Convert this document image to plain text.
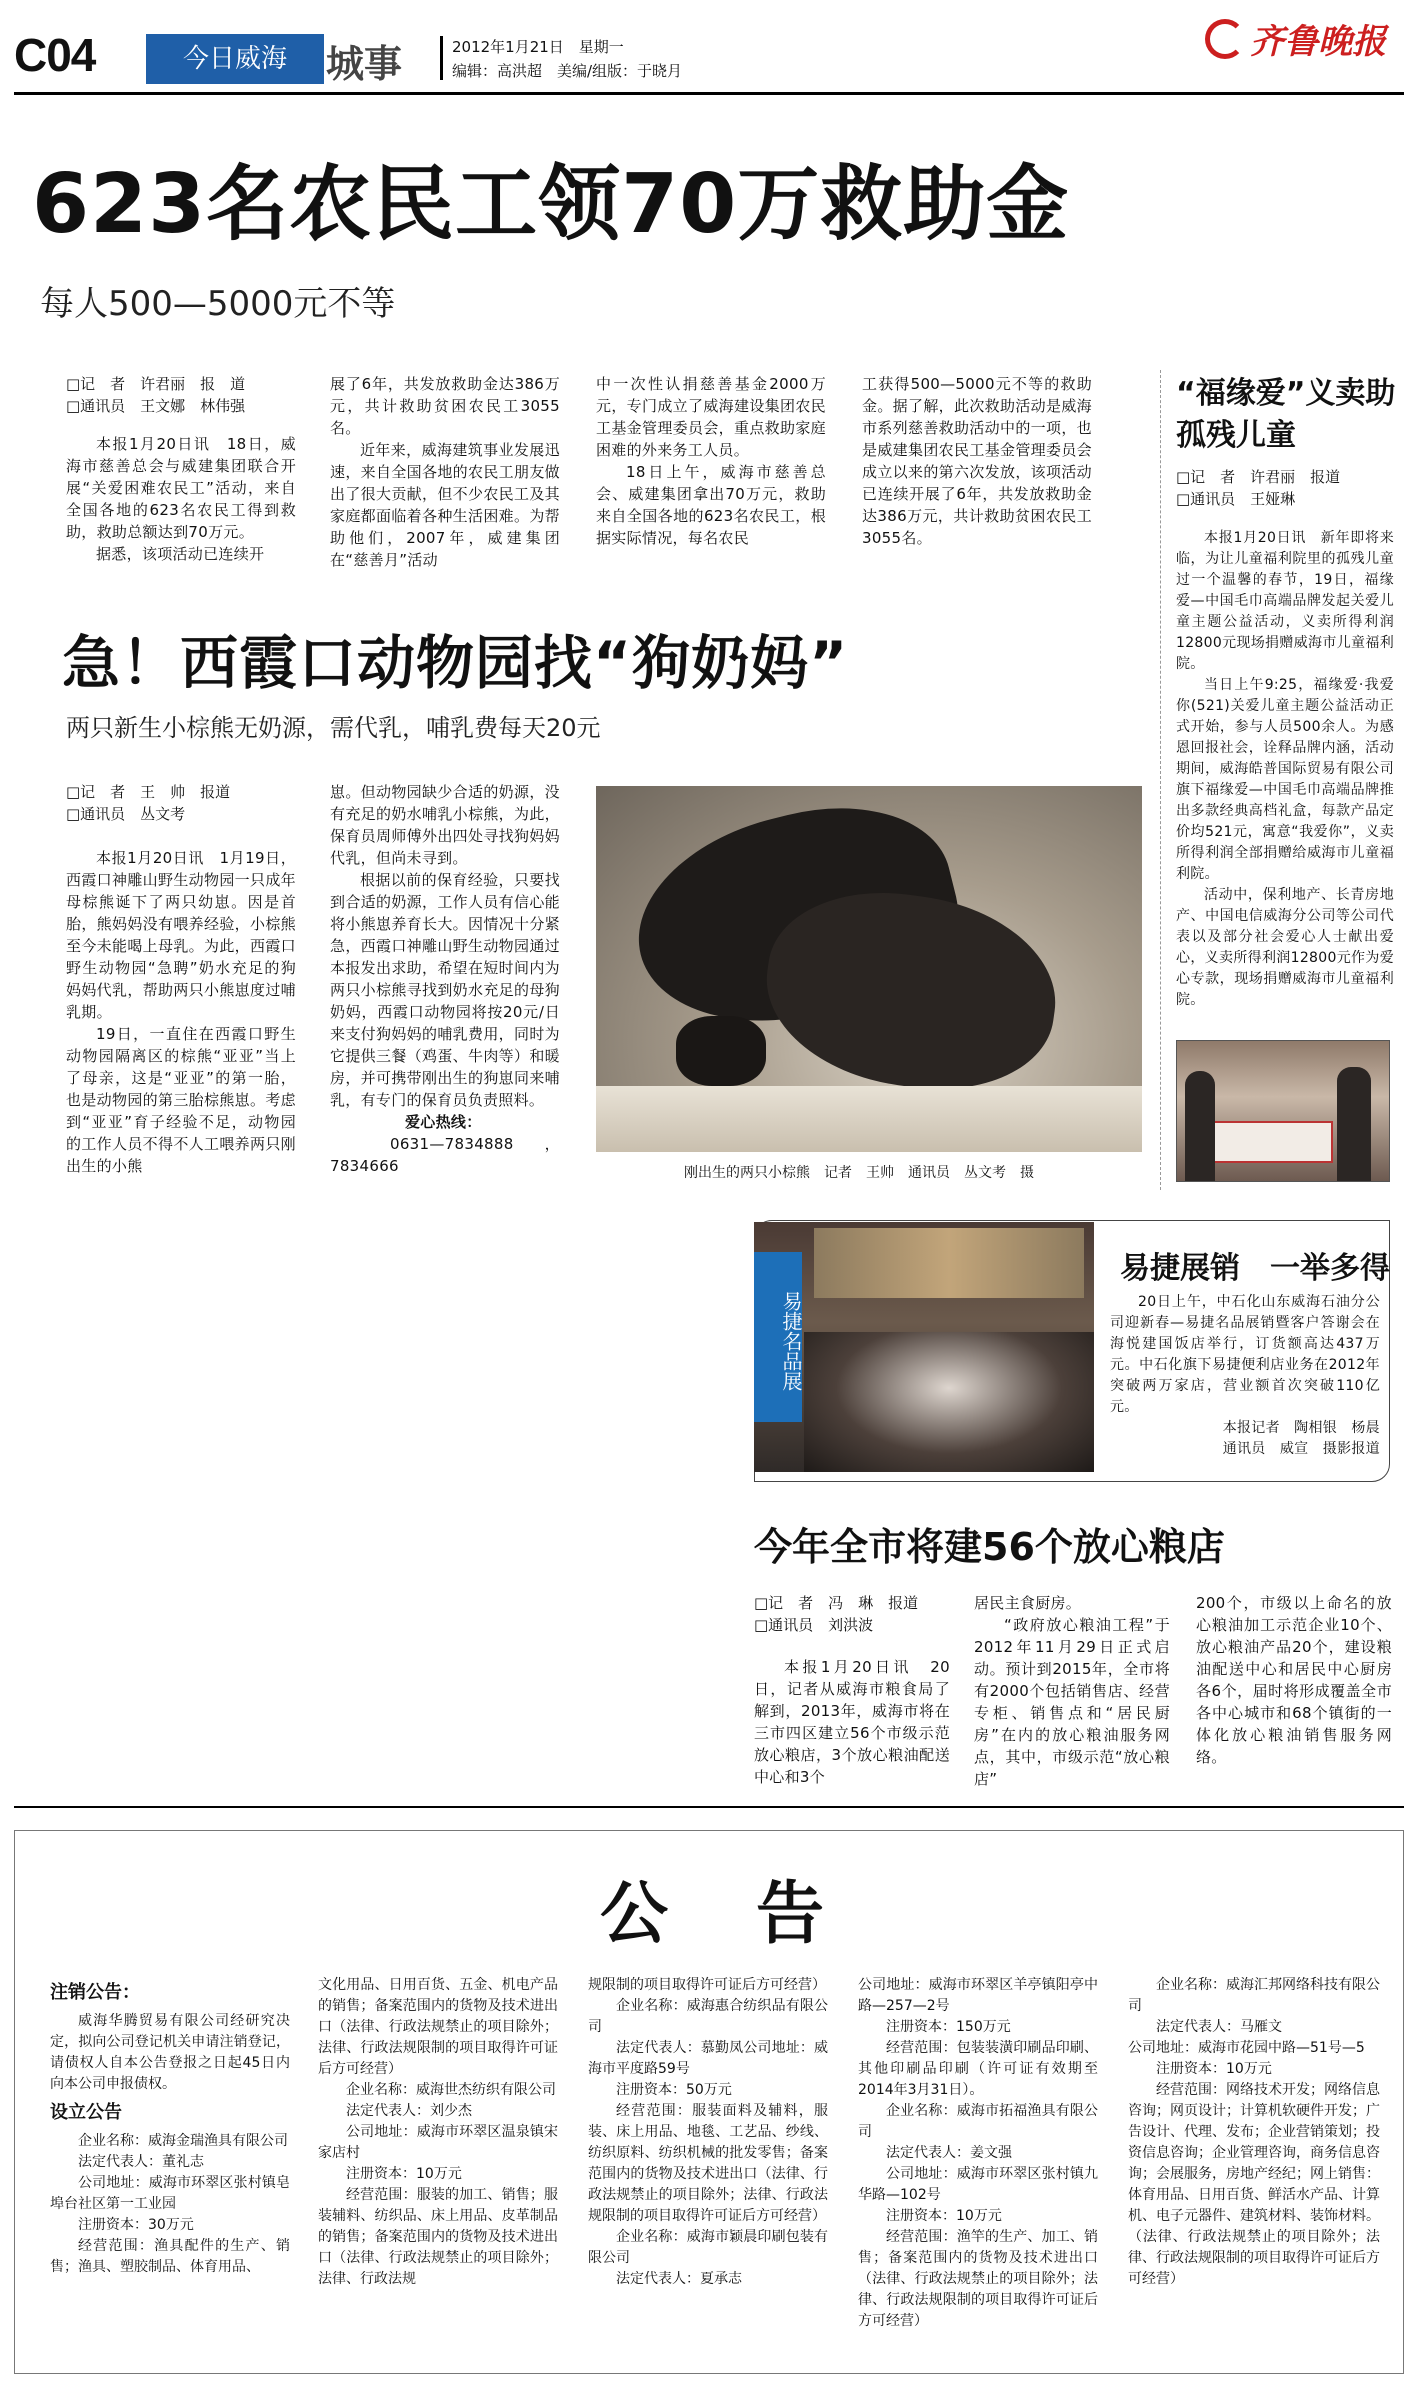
C04	今日威海	城事	2012年1月21日　星期一
编辑：高洪超　美编/组版：于晓月
齐鲁晚报
623名农民工领70万救助金
每人500—5000元不等
□记　者　许君丽　报　道
□通讯员　王文娜　林伟强

本报1月20日讯　18日，威海市慈善总会与威建集团联合开展“关爱困难农民工”活动，来自全国各地的623名农民工得到救助，救助总额达到70万元。

据悉，该项活动已连续开

展了6年，共发放救助金达386万元，共计救助贫困农民工3055名。

近年来，威海建筑事业发展迅速，来自全国各地的农民工朋友做出了很大贡献，但不少农民工及其家庭都面临着各种生活困难。为帮助他们，2007年，威建集团在“慈善月”活动

中一次性认捐慈善基金2000万元，专门成立了威海建设集团农民工基金管理委员会，重点救助家庭困难的外来务工人员。

18日上午，威海市慈善总会、威建集团拿出70万元，救助来自全国各地的623名农民工，根据实际情况，每名农民

工获得500—5000元不等的救助金。据了解，此次救助活动是威海市系列慈善救助活动中的一项，也是威建集团农民工基金管理委员会成立以来的第六次发放，该项活动已连续开展了6年，共发放救助金达386万元，共计救助贫困农民工3055名。

“福缘爱”义卖助孤残儿童
□记　者　许君丽　报道
□通讯员　王娅琳

本报1月20日讯　新年即将来临，为让儿童福利院里的孤残儿童过一个温馨的春节，19日，福缘爱—中国毛巾高端品牌发起关爱儿童主题公益活动，义卖所得利润12800元现场捐赠威海市儿童福利院。

当日上午9:25，福缘爱·我爱你(521)关爱儿童主题公益活动正式开始，参与人员500余人。为感恩回报社会，诠释品牌内涵，活动期间，威海皓普国际贸易有限公司旗下福缘爱—中国毛巾高端品牌推出多款经典高档礼盒，每款产品定价均521元，寓意“我爱你”，义卖所得利润全部捐赠给威海市儿童福利院。

活动中，保利地产、长青房地产、中国电信威海分公司等公司代表以及部分社会爱心人士献出爱心，义卖所得利润12800元作为爱心专款，现场捐赠威海市儿童福利院。

急！西霞口动物园找“狗奶妈”
两只新生小棕熊无奶源，需代乳，哺乳费每天20元
□记　者　王　帅　报道
□通讯员　丛文考

本报1月20日讯　1月19日，西霞口神雕山野生动物园一只成年母棕熊诞下了两只幼崽。因是首胎，熊妈妈没有喂养经验，小棕熊至今未能喝上母乳。为此，西霞口野生动物园“急聘”奶水充足的狗妈妈代乳，帮助两只小熊崽度过哺乳期。

19日，一直住在西霞口野生动物园隔离区的棕熊“亚亚”当上了母亲，这是“亚亚”的第一胎，也是动物园的第三胎棕熊崽。考虑到“亚亚”育子经验不足，动物园的工作人员不得不人工喂养两只刚出生的小熊

崽。但动物园缺少合适的奶源，没有充足的奶水哺乳小棕熊，为此，保育员周师傅外出四处寻找狗妈妈代乳，但尚未寻到。

根据以前的保育经验，只要找到合适的奶源，工作人员有信心能将小熊崽养育长大。因情况十分紧急，西霞口神雕山野生动物园通过本报发出求助，希望在短时间内为两只小棕熊寻找到奶水充足的母狗奶妈，西霞口动物园将按20元/日来支付狗妈妈的哺乳费用，同时为它提供三餐（鸡蛋、牛肉等）和暖房，并可携带刚出生的狗崽同来哺乳，有专门的保育员负责照料。

爱心热线：

0631—7834888，7834666	刚出生的两只小棕熊　记者　王帅　通讯员　丛文考　摄
易捷名品展
易捷展销　一举多得

20日上午，中石化山东威海石油分公司迎新春—易捷名品展销暨客户答谢会在海悦建国饭店举行，订货额高达437万元。中石化旗下易捷便利店业务在2012年突破两万家店，营业额首次突破110亿元。

本报记者　陶相银　杨晨

通讯员　威宣　摄影报道

今年全市将建56个放心粮店
□记　者　冯　琳　报道
□通讯员　刘洪波

本报1月20日讯　20日，记者从威海市粮食局了解到，2013年，威海市将在三市四区建立56个市级示范放心粮店，3个放心粮油配送中心和3个

居民主食厨房。

“政府放心粮油工程”于2012年11月29日正式启动。预计到2015年，全市将有2000个包括销售店、经营专柜、销售点和“居民厨房”在内的放心粮油服务网点，其中，市级示范“放心粮店”

200个，市级以上命名的放心粮油加工示范企业10个、放心粮油产品20个，建设粮油配送中心和居民中心厨房各6个，届时将形成覆盖全市各中心城市和68个镇街的一体化放心粮油销售服务网络。

公　告

注销公告：

威海华腾贸易有限公司经研究决定，拟向公司登记机关申请注销登记，请债权人自本公告登报之日起45日内向本公司申报债权。

设立公告

企业名称：威海金瑞渔具有限公司

法定代表人：董礼志

公司地址：威海市环翠区张村镇皂埠台社区第一工业园

注册资本：30万元

经营范围：渔具配件的生产、销售；渔具、塑胶制品、体育用品、

文化用品、日用百货、五金、机电产品的销售；备案范围内的货物及技术进出口（法律、行政法规禁止的项目除外；法律、行政法规限制的项目取得许可证后方可经营）

企业名称：威海世杰纺织有限公司

法定代表人：刘少杰

公司地址：威海市环翠区温泉镇宋家店村

注册资本：10万元

经营范围：服装的加工、销售；服装辅料、纺织品、床上用品、皮革制品的销售；备案范围内的货物及技术进出口（法律、行政法规禁止的项目除外；法律、行政法规

规限制的项目取得许可证后方可经营）

企业名称：威海惠合纺织品有限公司

法定代表人：慕勤凤公司地址：威海市平度路59号

注册资本：50万元

经营范围：服装面料及辅料，服装、床上用品、地毯、工艺品、纱线、纺织原料、纺织机械的批发零售；备案范围内的货物及技术进出口（法律、行政法规禁止的项目除外；法律、行政法规限制的项目取得许可证后方可经营）

企业名称：威海市颖晨印刷包装有限公司

法定代表人：夏承志

公司地址：威海市环翠区羊亭镇阳亭中路—257—2号

注册资本：150万元

经营范围：包装装潢印刷品印刷、其他印刷品印刷（许可证有效期至2014年3月31日）。

企业名称：威海市拓福渔具有限公司

法定代表人：姜文强

公司地址：威海市环翠区张村镇九华路—102号

注册资本：10万元

经营范围：渔竿的生产、加工、销售；备案范围内的货物及技术进出口（法律、行政法规禁止的项目除外；法律、行政法规限制的项目取得许可证后方可经营）

企业名称：威海汇邦网络科技有限公司

法定代表人：马雁文

公司地址：威海市花园中路—51号—5

注册资本：10万元

经营范围：网络技术开发；网络信息咨询；网页设计；计算机软硬件开发；广告设计、代理、发布；企业营销策划；投资信息咨询；企业管理咨询，商务信息咨询；会展服务，房地产经纪；网上销售：体育用品、日用百货、鲜活水产品、计算机、电子元器件、建筑材料、装饰材料。（法律、行政法规禁止的项目除外；法律、行政法规限制的项目取得许可证后方可经营）
